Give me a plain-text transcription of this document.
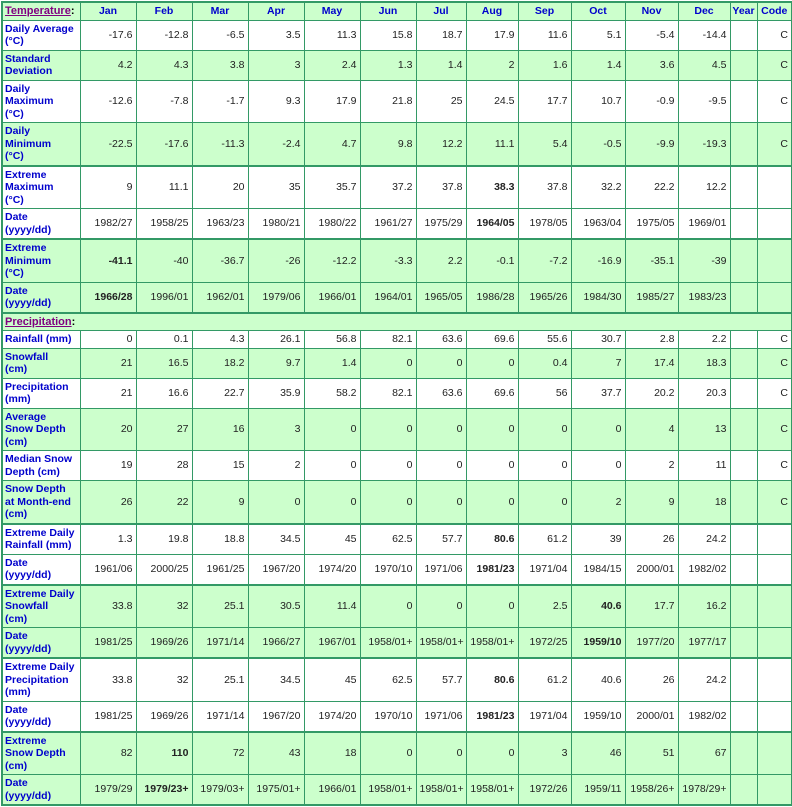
Temperature:	Jan	Feb	Mar	Apr	May	Jun	Jul	Aug	Sep	Oct	Nov	Dec	Year	Code
Daily Average
(°C)	-17.6	-12.8	-6.5	3.5	11.3	15.8	18.7	17.9	11.6	5.1	-5.4	-14.4		C
Standard
Deviation	4.2	4.3	3.8	3	2.4	1.3	1.4	2	1.6	1.4	3.6	4.5		C
Daily
Maximum
(°C)	-12.6	-7.8	-1.7	9.3	17.9	21.8	25	24.5	17.7	10.7	-0.9	-9.5		C
Daily
Minimum
(°C)	-22.5	-17.6	-11.3	-2.4	4.7	9.8	12.2	11.1	5.4	-0.5	-9.9	-19.3		C
Extreme
Maximum
(°C)	9	11.1	20	35	35.7	37.2	37.8	38.3	37.8	32.2	22.2	12.2		
Date
(yyyy/dd)	1982/27	1958/25	1963/23	1980/21	1980/22	1961/27	1975/29	1964/05	1978/05	1963/04	1975/05	1969/01		
Extreme
Minimum
(°C)	-41.1	-40	-36.7	-26	-12.2	-3.3	2.2	-0.1	-7.2	-16.9	-35.1	-39		
Date
(yyyy/dd)	1966/28	1996/01	1962/01	1979/06	1966/01	1964/01	1965/05	1986/28	1965/26	1984/30	1985/27	1983/23		
Precipitation:														
Rainfall (mm)	0	0.1	4.3	26.1	56.8	82.1	63.6	69.6	55.6	30.7	2.8	2.2		C
Snowfall
(cm)	21	16.5	18.2	9.7	1.4	0	0	0	0.4	7	17.4	18.3		C
Precipitation
(mm)	21	16.6	22.7	35.9	58.2	82.1	63.6	69.6	56	37.7	20.2	20.3		C
Average
Snow Depth
(cm)	20	27	16	3	0	0	0	0	0	0	4	13		C
Median Snow
Depth (cm)	19	28	15	2	0	0	0	0	0	0	2	11		C
Snow Depth
at Month-end
(cm)	26	22	9	0	0	0	0	0	0	2	9	18		C
Extreme Daily
Rainfall (mm)	1.3	19.8	18.8	34.5	45	62.5	57.7	80.6	61.2	39	26	24.2		
Date
(yyyy/dd)	1961/06	2000/25	1961/25	1967/20	1974/20	1970/10	1971/06	1981/23	1971/04	1984/15	2000/01	1982/02		
Extreme Daily
Snowfall
(cm)	33.8	32	25.1	30.5	11.4	0	0	0	2.5	40.6	17.7	16.2		
Date
(yyyy/dd)	1981/25	1969/26	1971/14	1966/27	1967/01	1958/01+	1958/01+	1958/01+	1972/25	1959/10	1977/20	1977/17		
Extreme Daily
Precipitation
(mm)	33.8	32	25.1	34.5	45	62.5	57.7	80.6	61.2	40.6	26	24.2		
Date
(yyyy/dd)	1981/25	1969/26	1971/14	1967/20	1974/20	1970/10	1971/06	1981/23	1971/04	1959/10	2000/01	1982/02		
Extreme
Snow Depth
(cm)	82	110	72	43	18	0	0	0	3	46	51	67		
Date
(yyyy/dd)	1979/29	1979/23+	1979/03+	1975/01+	1966/01	1958/01+	1958/01+	1958/01+	1972/26	1959/11	1958/26+	1978/29+		
